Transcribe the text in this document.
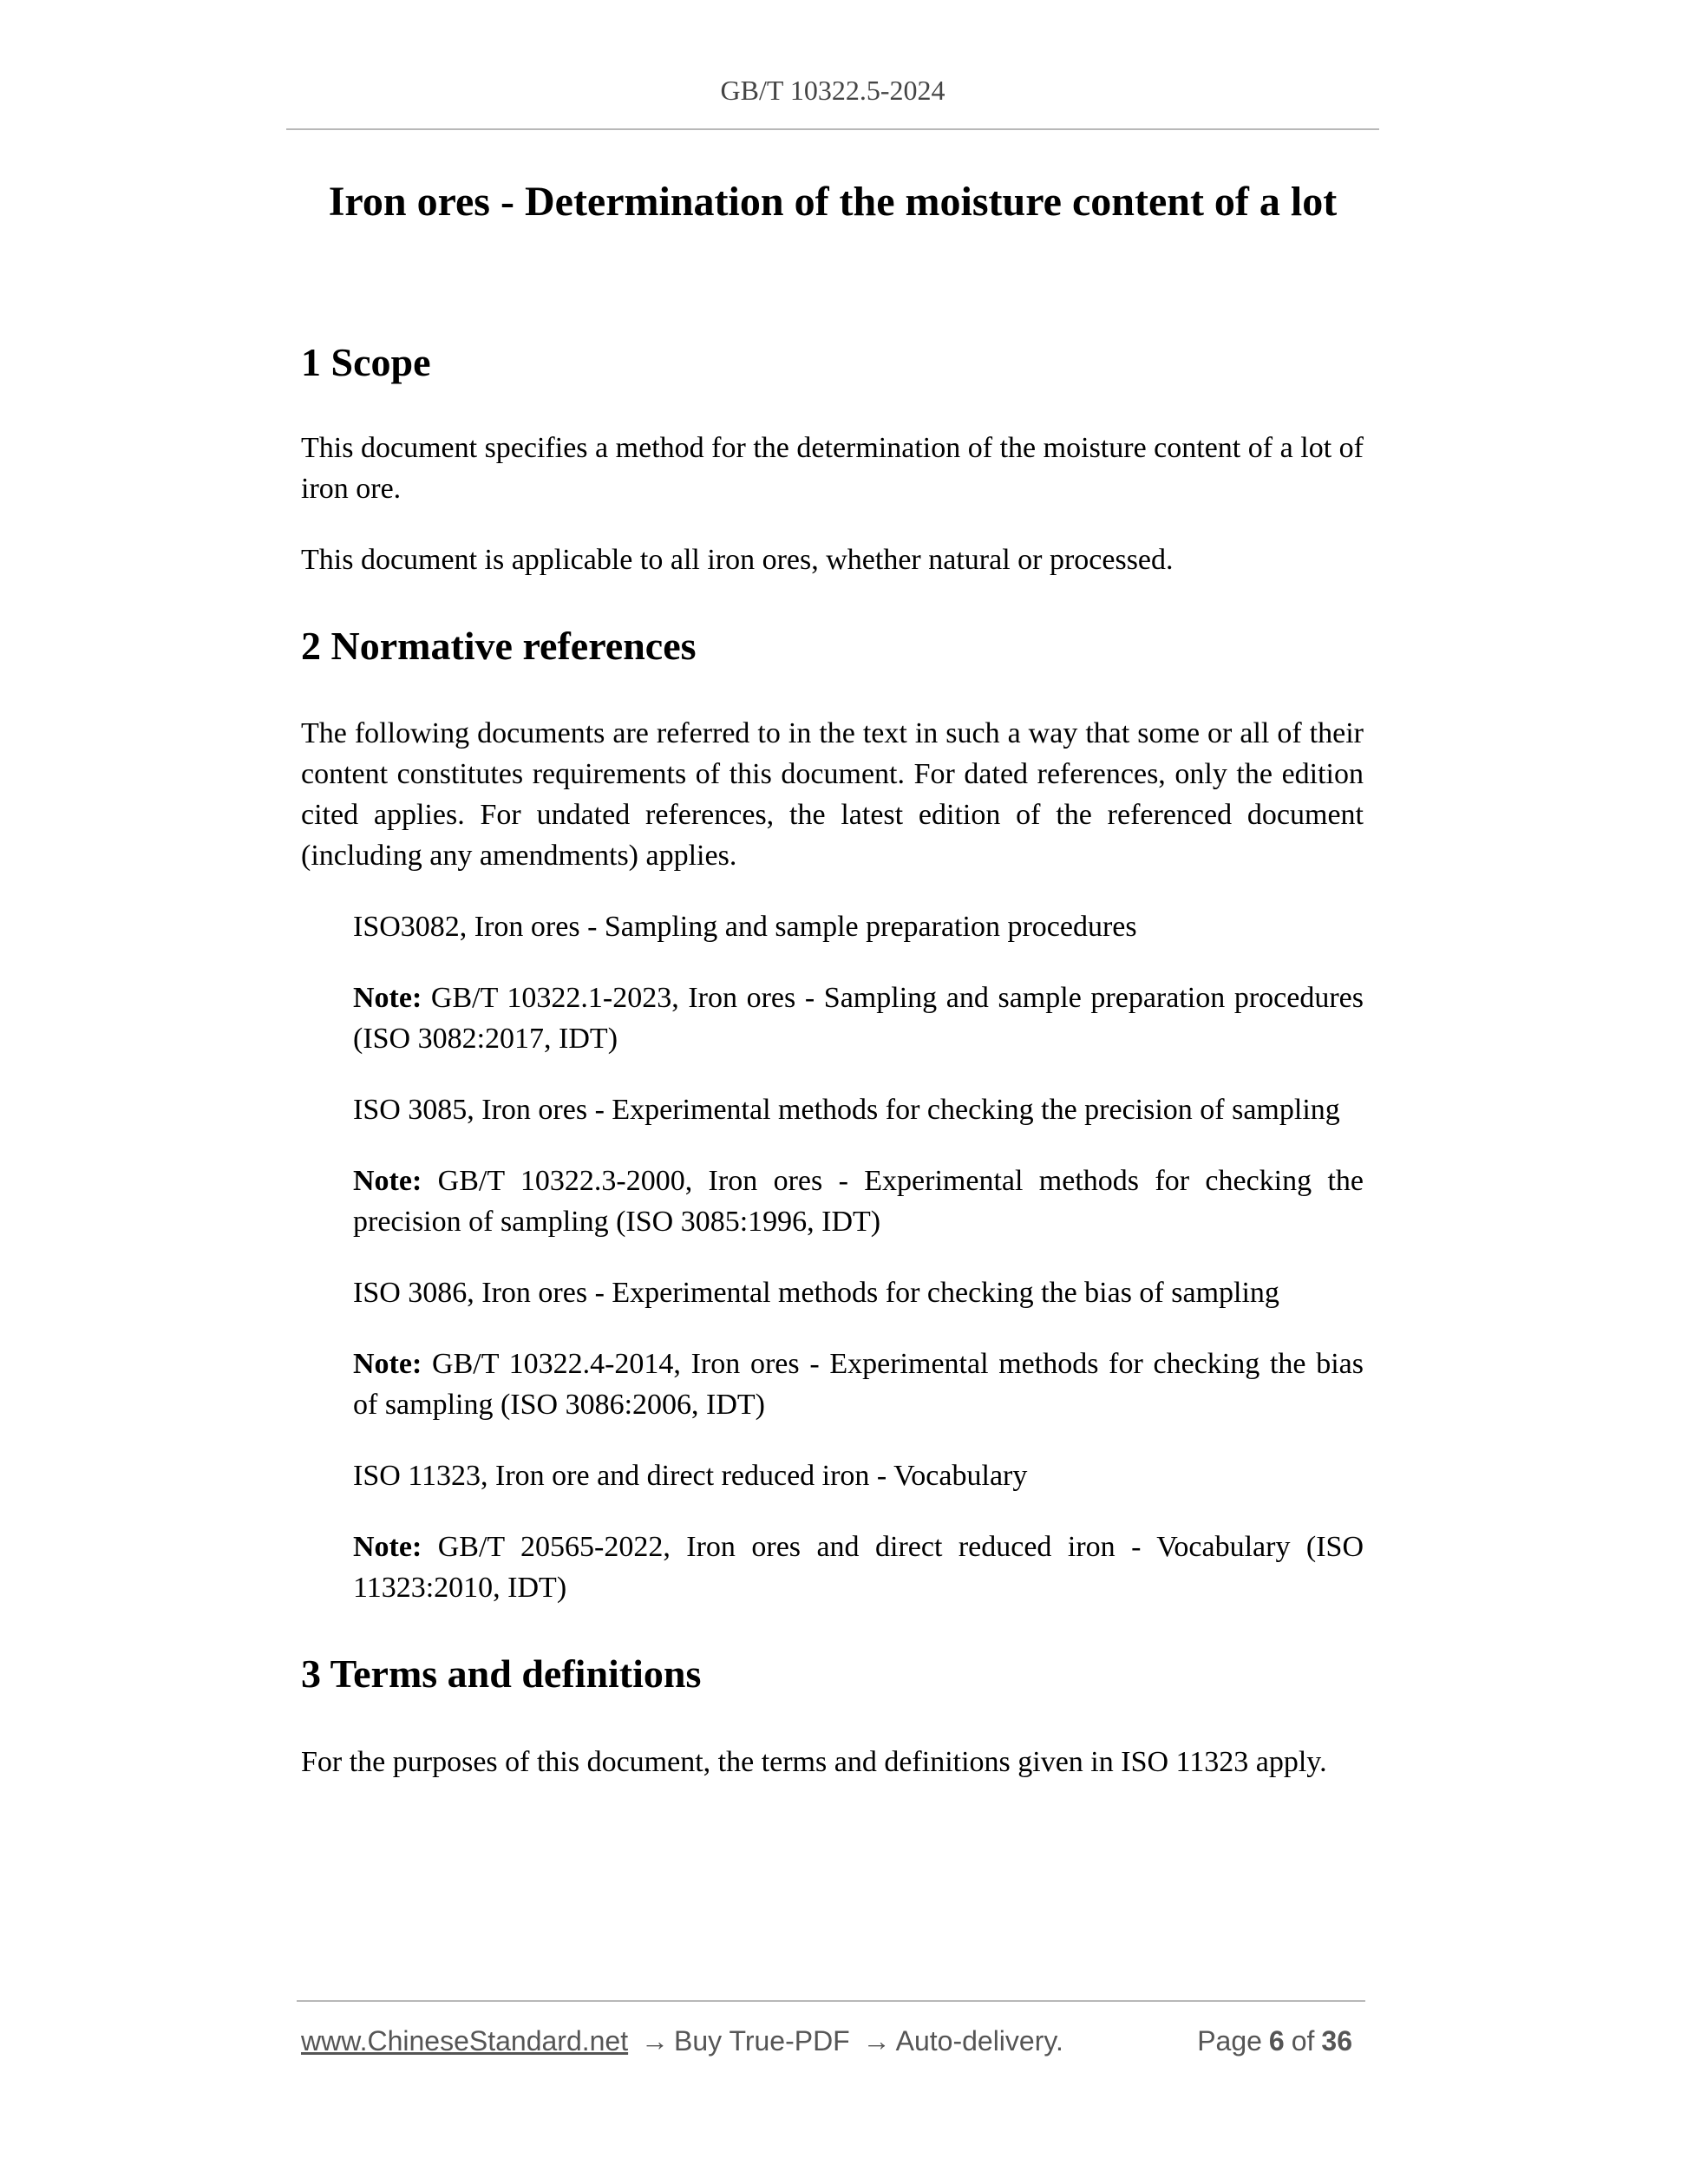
GB/T 10322.5-2024
Iron ores - Determination of the moisture content of a lot
1 Scope

This document specifies a method for the determination of the moisture content of a lot of iron ore.

This document is applicable to all iron ores, whether natural or processed.

2 Normative references

The following documents are referred to in the text in such a way that some or all of their content constitutes requirements of this document. For dated references, only the edition cited applies. For undated references, the latest edition of the referenced document (including any amendments) applies.

ISO3082, Iron ores - Sampling and sample preparation procedures

Note: GB/T 10322.1-2023, Iron ores - Sampling and sample preparation procedures (ISO 3082:2017, IDT)

ISO 3085, Iron ores - Experimental methods for checking the precision of sampling

Note: GB/T 10322.3-2000, Iron ores - Experimental methods for checking the precision of sampling (ISO 3085:1996, IDT)

ISO 3086, Iron ores - Experimental methods for checking the bias of sampling

Note: GB/T 10322.4-2014, Iron ores - Experimental methods for checking the bias of sampling (ISO 3086:2006, IDT)

ISO 11323, Iron ore and direct reduced iron - Vocabulary

Note: GB/T 20565-2022, Iron ores and direct reduced iron - Vocabulary (ISO 11323:2010, IDT)

3 Terms and definitions

For the purposes of this document, the terms and definitions given in ISO 11323 apply.

www.ChineseStandard.net → Buy True-PDF → Auto-delivery.	Page 6 of 36
